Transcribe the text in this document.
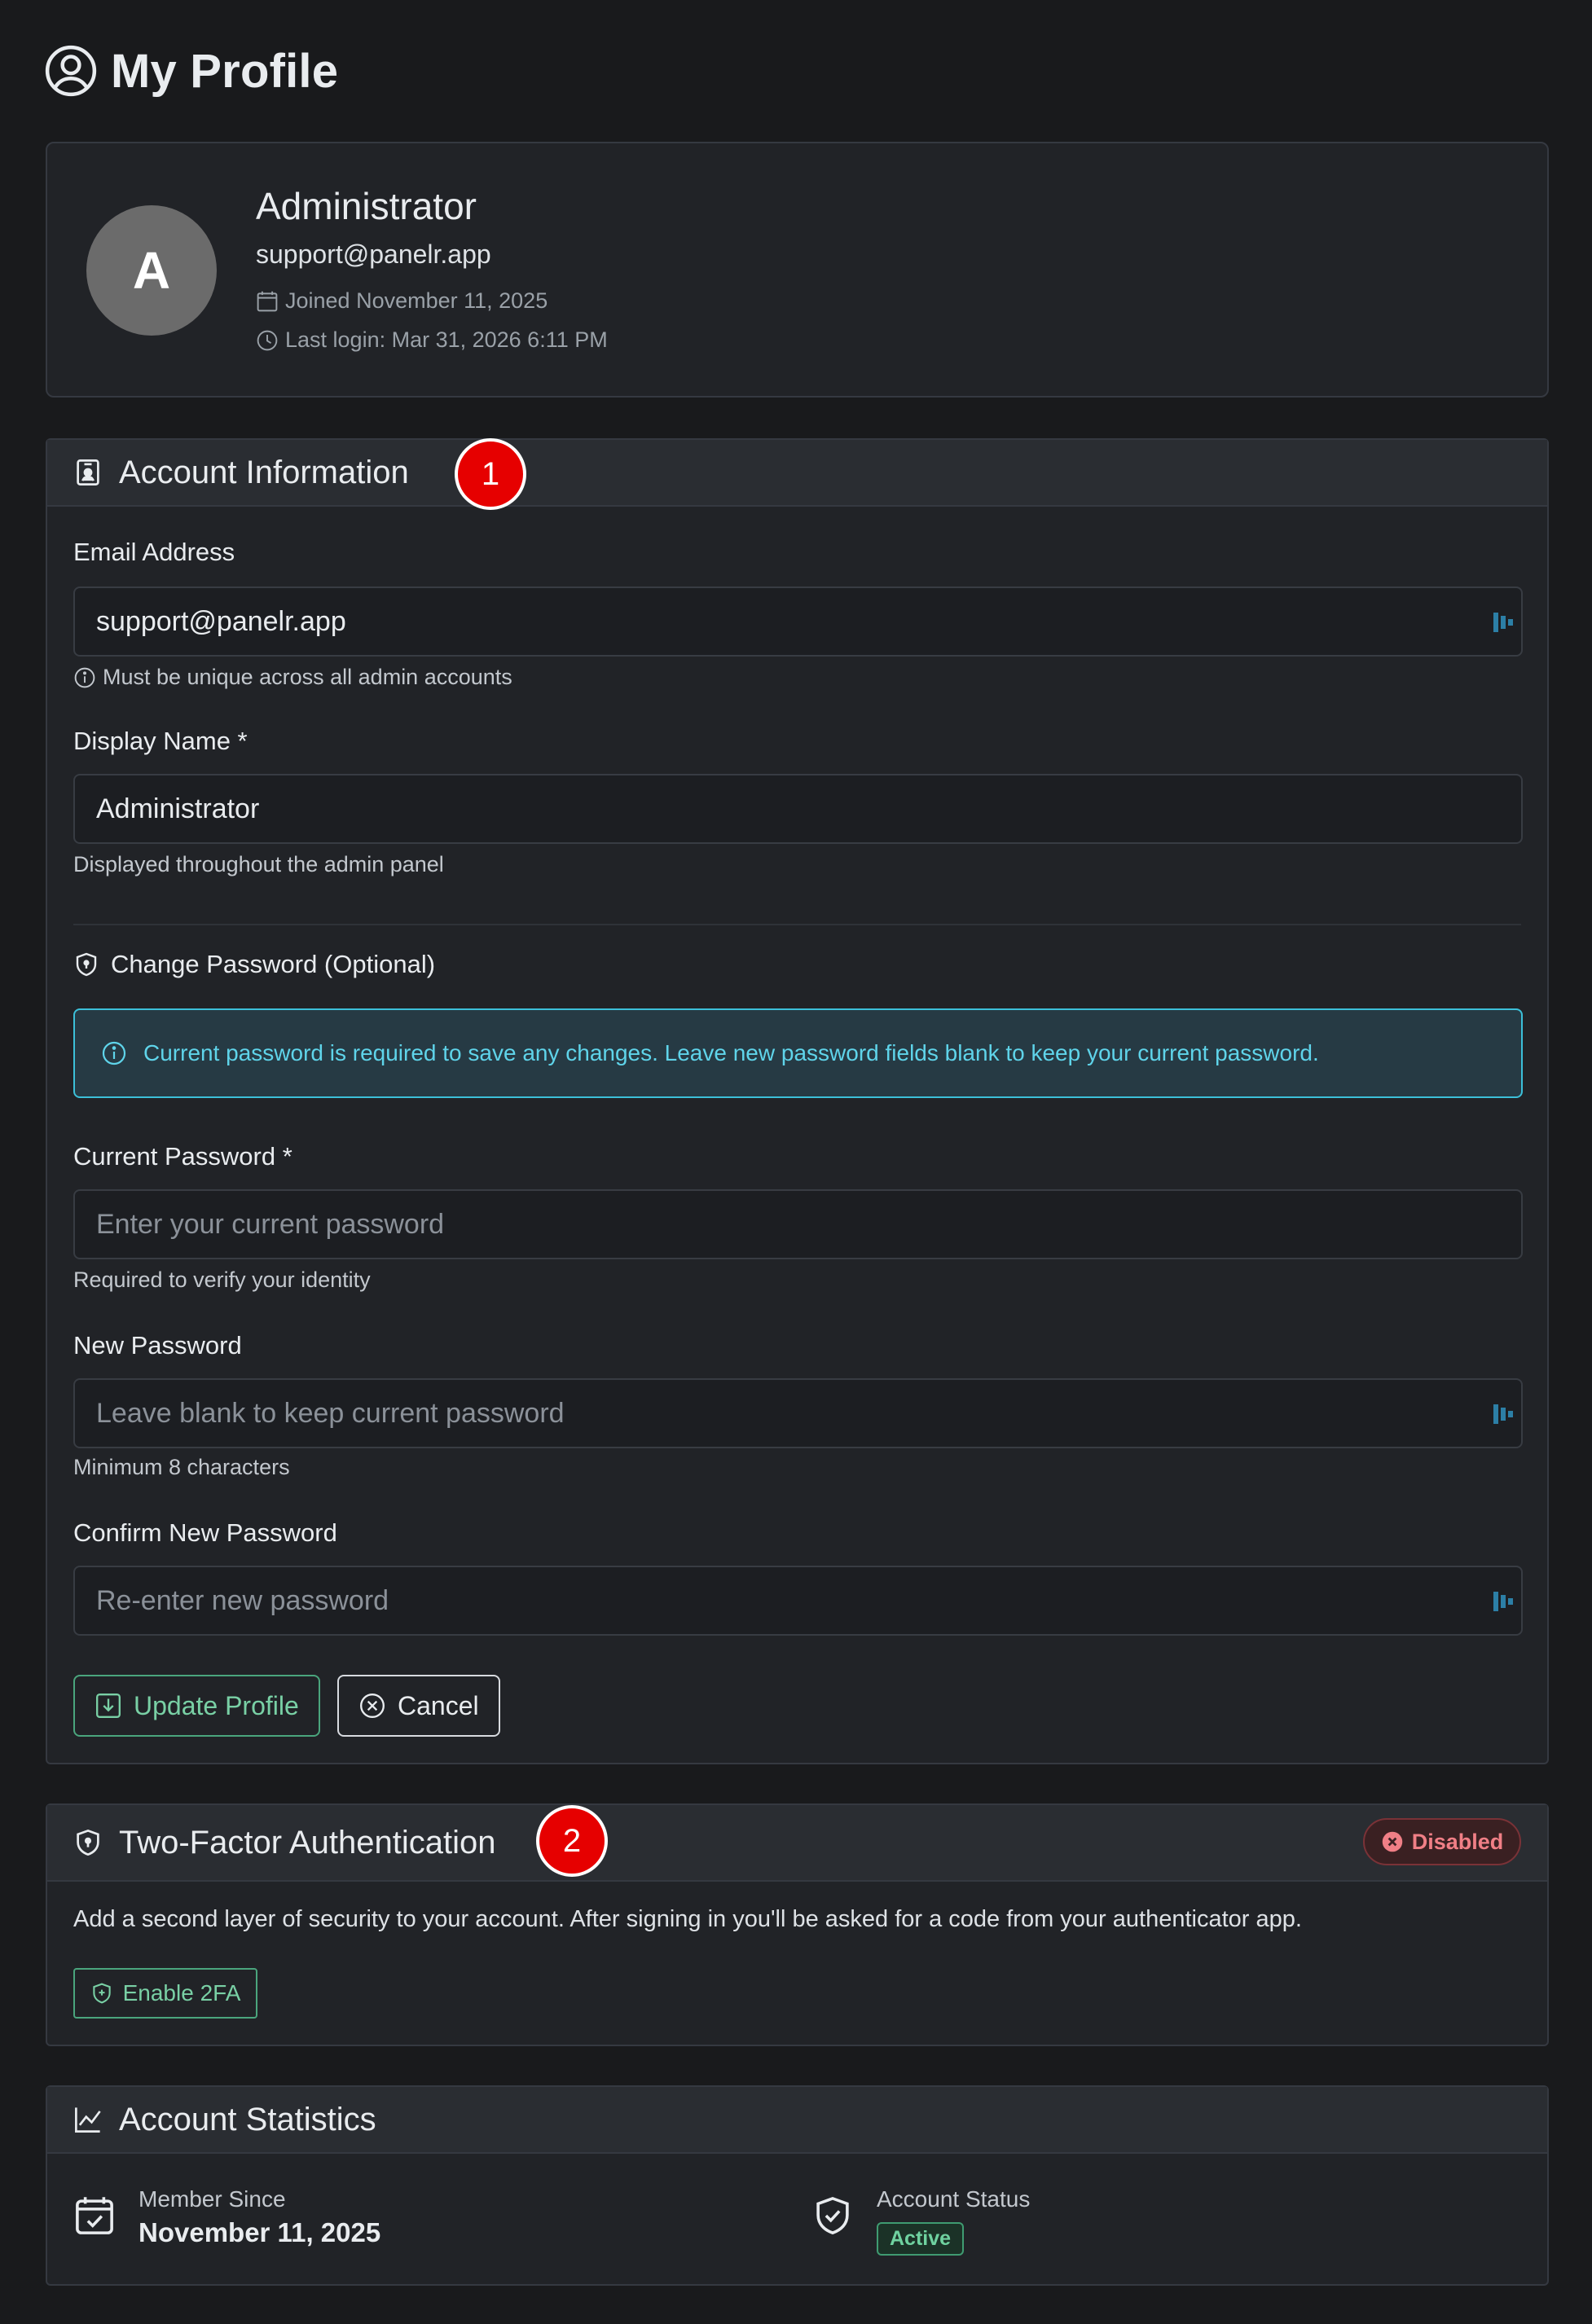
My Profile
A
Administrator
support@panelr.app
Joined November 11, 2025
Last login: Mar 31, 2026 6:11 PM
Account Information	1
Email Address
support@panelr.app
Must be unique across all admin accounts
Display Name *
Administrator
Displayed throughout the admin panel
Change Password (Optional)
Current password is required to save any changes. Leave new password fields blank to keep your current password.
Current Password *
Enter your current password
Required to verify your identity
New Password
Leave blank to keep current password
Minimum 8 characters
Confirm New Password
Re-enter new password
Update Profile	Cancel
Two-Factor Authentication	2	Disabled
Add a second layer of security to your account. After signing in you'll be asked for a code from your authenticator app.
Enable 2FA
Account Statistics
Member Since
November 11, 2025
Account Status
Active
